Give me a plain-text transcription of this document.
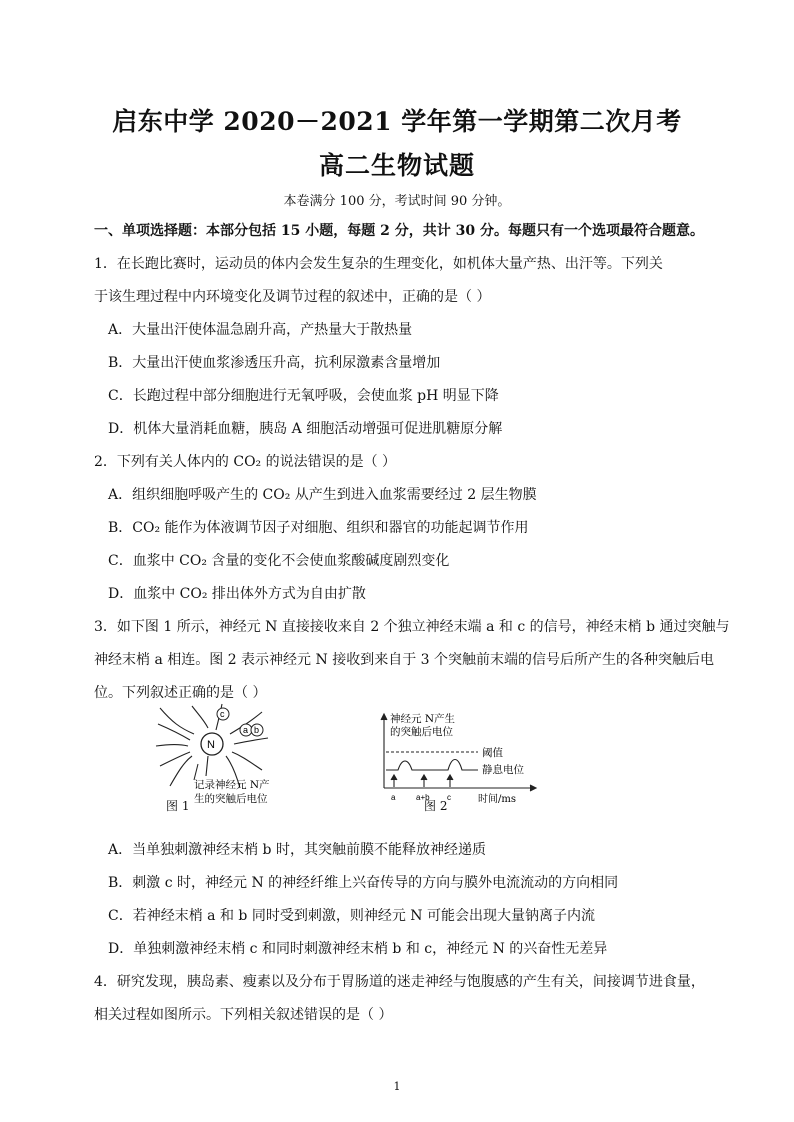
启东中学 2020－2021 学年第一学期第二次月考
高二生物试题
本卷满分 100 分，考试时间 90 分钟。
一、单项选择题：本部分包括 15 小题，每题 2 分，共计 30 分。每题只有一个选项最符合题意。
1．在长跑比赛时，运动员的体内会发生复杂的生理变化，如机体大量产热、出汗等。下列关
于该生理过程中内环境变化及调节过程的叙述中，正确的是（ ）
A．大量出汗使体温急剧升高，产热量大于散热量
B．大量出汗使血浆渗透压升高，抗利尿激素含量增加
C．长跑过程中部分细胞进行无氧呼吸，会使血浆 pH 明显下降
D．机体大量消耗血糖，胰岛 A 细胞活动增强可促进肌糖原分解
2．下列有关人体内的 CO₂ 的说法错误的是（ ）
A．组织细胞呼吸产生的 CO₂ 从产生到进入血浆需要经过 2 层生物膜
B．CO₂ 能作为体液调节因子对细胞、组织和器官的功能起调节作用
C．血浆中 CO₂ 含量的变化不会使血浆酸碱度剧烈变化
D．血浆中 CO₂ 排出体外方式为自由扩散
3．如下图 1 所示，神经元 N 直接接收来自 2 个独立神经末端 a 和 c 的信号，神经末梢 b 通过突触与
神经末梢 a 相连。图 2 表示神经元 N 接收到来自于 3 个突触前末端的信号后所产生的各种突触后电
位。下列叙述正确的是（ ）
N
c
a b
记录神经元 N产
生的突触后电位
图 1
神经元 N产生
的突触后电位
阈值
静息电位
a	a+b c	时间/ms
图 2
A．当单独刺激神经末梢 b 时，其突触前膜不能释放神经递质
B．刺激 c 时，神经元 N 的神经纤维上兴奋传导的方向与膜外电流流动的方向相同
C．若神经末梢 a 和 b 同时受到刺激，则神经元 N 可能会出现大量钠离子内流
D．单独刺激神经末梢 c 和同时刺激神经末梢 b 和 c，神经元 N 的兴奋性无差异
4．研究发现，胰岛素、瘦素以及分布于胃肠道的迷走神经与饱腹感的产生有关，间接调节进食量，
相关过程如图所示。下列相关叙述错误的是（ ）
1
